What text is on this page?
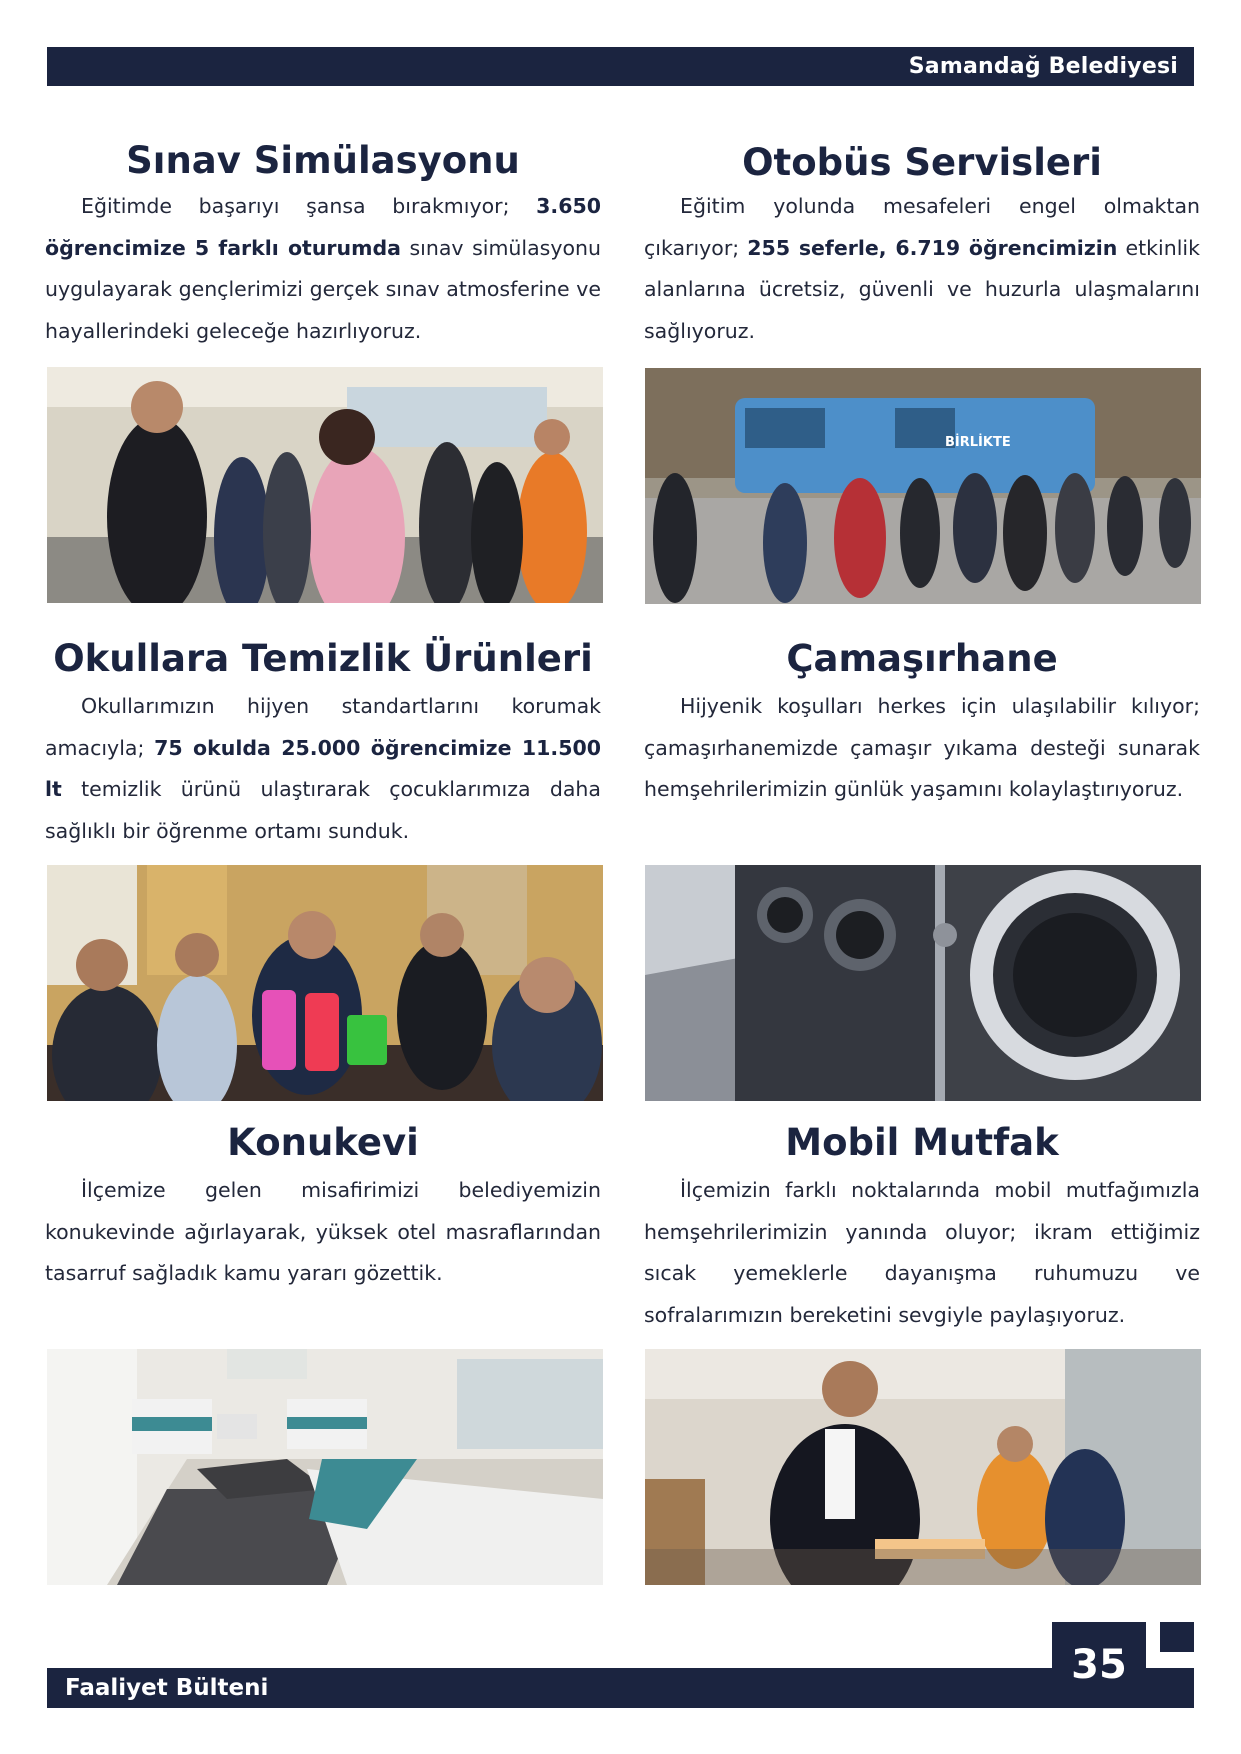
Samandağ Belediyesi
Sınav Simülasyonu

Eğitimde başarıyı şansa bırakmıyor; 3.650 öğrencimize 5 farklı oturumda sınav simülasyonu uygulayarak gençlerimizi gerçek sınav atmosferine ve hayallerindeki geleceğe hazırlıyoruz.

Otobüs Servisleri

Eğitim yolunda mesafeleri engel olmaktan çıkarıyor; 255 seferle, 6.719 öğrencimizin etkinlik alanlarına ücretsiz, güvenli ve huzurla ulaşmalarını sağlıyoruz.

BİRLİKTE
Okullara Temizlik Ürünleri

Okullarımızın hijyen standartlarını korumak amacıyla; 75 okulda 25.000 öğrencimize 11.500 lt temizlik ürünü ulaştırarak çocuklarımıza daha sağlıklı bir öğrenme ortamı sunduk.

Çamaşırhane

Hijyenik koşulları herkes için ulaşılabilir kılıyor; çamaşırhanemizde çamaşır yıkama desteği sunarak hemşehrilerimizin günlük yaşamını kolaylaştırıyoruz.

Konukevi

İlçemize gelen misafirimizi belediyemizin konukevinde ağırlayarak, yüksek otel masraflarından tasarruf sağladık kamu yararı gözettik.

Mobil Mutfak

İlçemizin farklı noktalarında mobil mutfağımızla hemşehrilerimizin yanında oluyor; ikram ettiğimiz sıcak yemeklerle dayanışma ruhumuzu ve sofralarımızın bereketini sevgiyle paylaşıyoruz.

Faaliyet Bülteni	35
